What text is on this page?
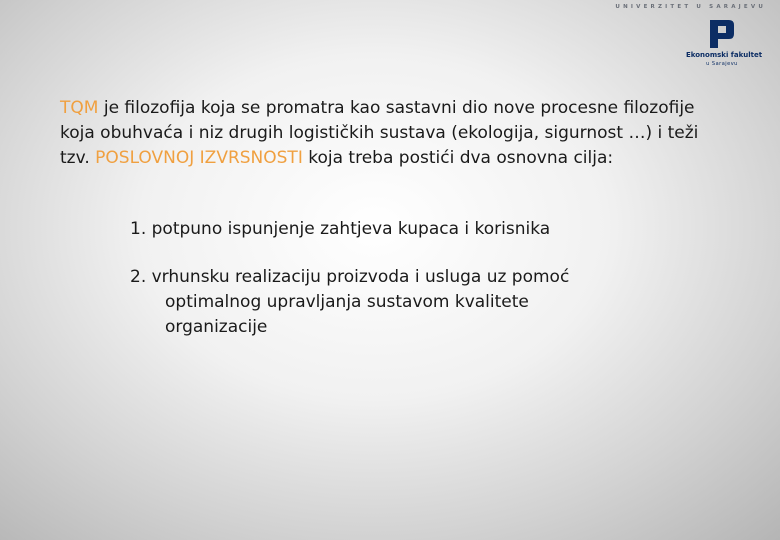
UNIVERZITET U SARAJEVU
Ekonomski fakultet
u Sarajevu

TQM je filozofija koja se promatra kao sastavni dio nove procesne filozofije koja obuhvaća i niz drugih logističkih sustava (ekologija, sigurnost …) i teži tzv. POSLOVNOJ IZVRSNOSTI koja treba postići dva osnovna cilja:

1. potpuno ispunjenje zahtjeva kupaca i korisnika
2. vrhunsku realizaciju proizvoda i usluga uz pomoć optimalnog upravljanja sustavom kvalitete organizacije
